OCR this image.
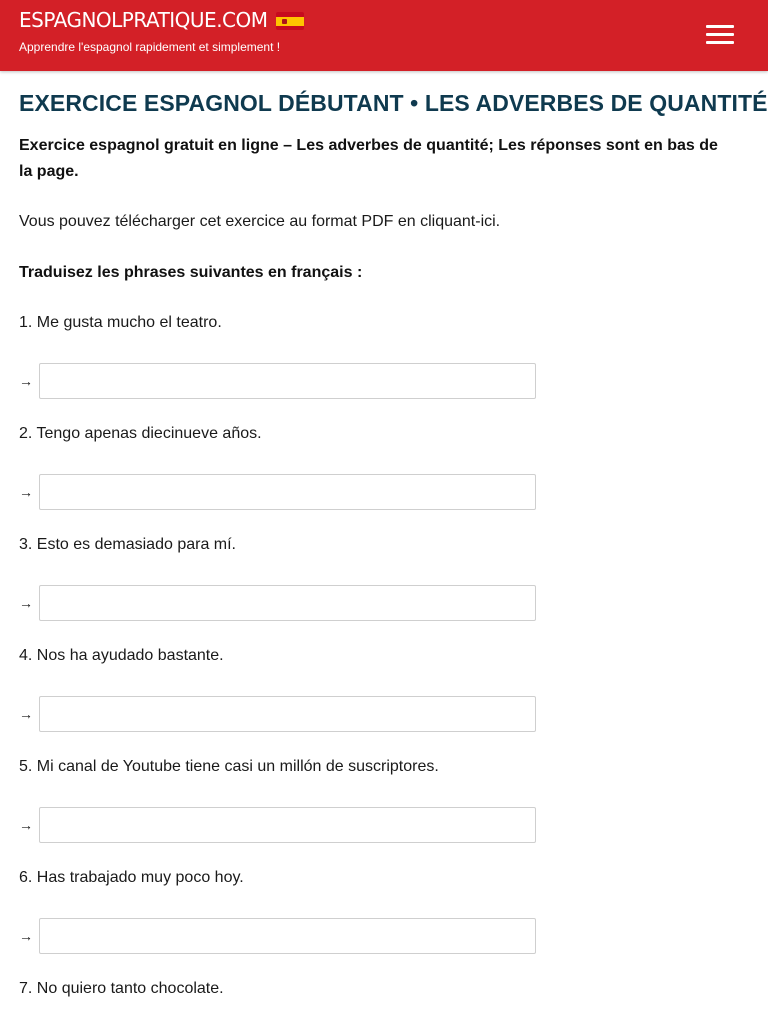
ESPAGNOLPRATIQUE.COM
Apprendre l'espagnol rapidement et simplement !
EXERCICE ESPAGNOL DÉBUTANT • LES ADVERBES DE QUANTITÉ

Exercice espagnol gratuit en ligne – Les adverbes de quantité; Les réponses sont en bas de la page.

Vous pouvez télécharger cet exercice au format PDF en cliquant-ici.

Traduisez les phrases suivantes en français :

1. Me gusta mucho el teatro.

→

2. Tengo apenas diecinueve años.

→

3. Esto es demasiado para mí.

→

4. Nos ha ayudado bastante.

→

5. Mi canal de Youtube tiene casi un millón de suscriptores.

→

6. Has trabajado muy poco hoy.

→

7. No quiero tanto chocolate.
